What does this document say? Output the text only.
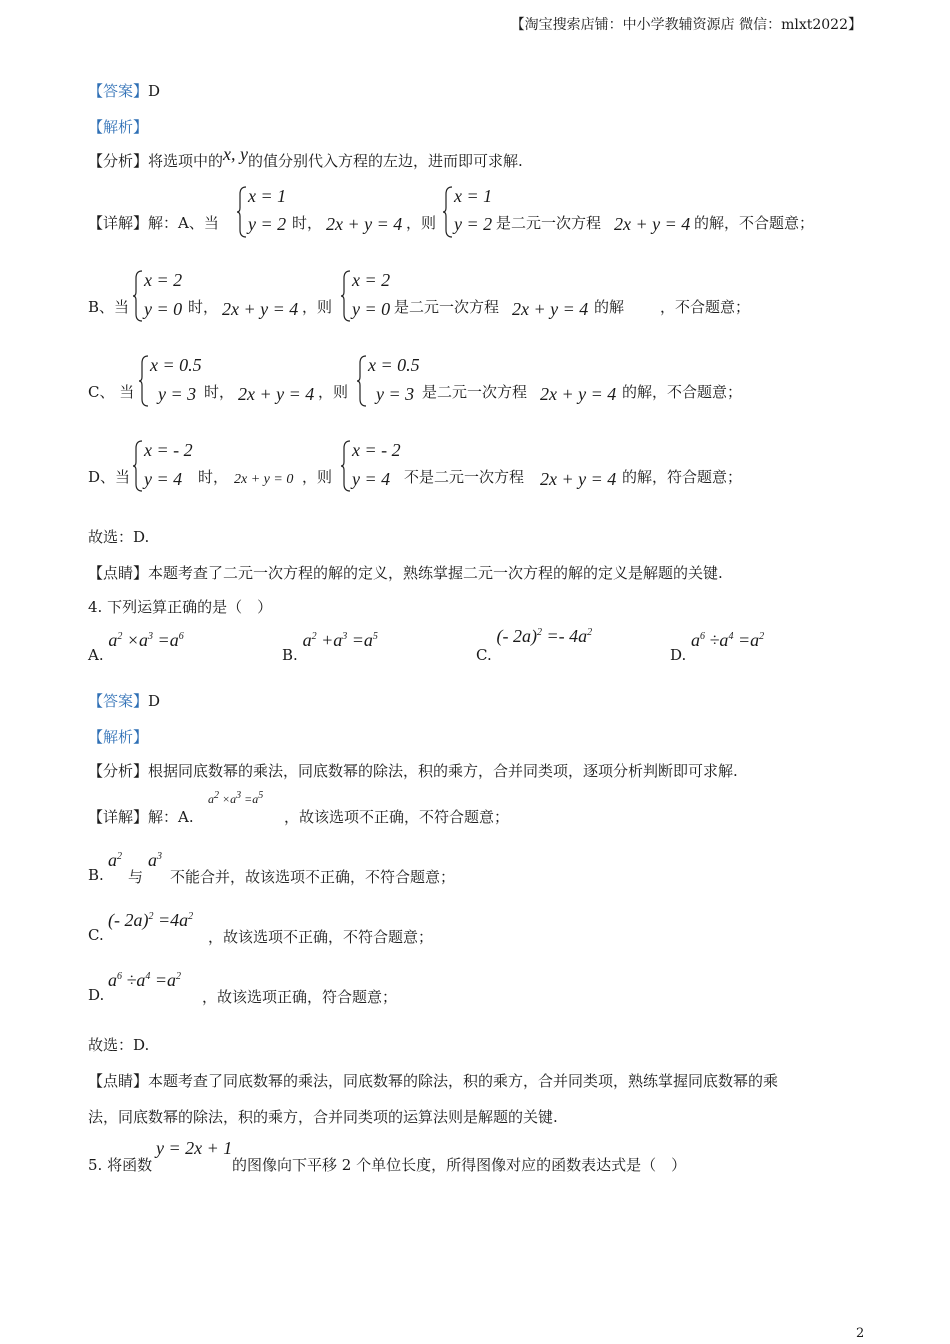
【淘宝搜索店铺：中小学教辅资源店 微信：mlxt2022】
【答案】D
【解析】
【分析】将选项中的x, y的值分别代入方程的左边，进而即可求解.
【详解】解：A、当
x = 1
y = 2 时， 2x + y = 4 ，则
x = 1
y = 2 是二元一次方程 2x + y = 4 的解，不合题意；
B、当
x = 2
y = 0 时， 2x + y = 4 ，则
x = 2
y = 0 是二元一次方程 2x + y = 4 的解 ，不合题意；
C、 当
x = 0.5
y = 3 时， 2x + y = 4 ，则
x = 0.5
y = 3 是二元一次方程 2x + y = 4 的解，不合题意；
D、当
x = - 2
y = 4 时， 2x + y = 0 ，则
x = - 2
y = 4 不是二元一次方程 2x + y = 4 的解，符合题意；
故选：D.
【点睛】本题考查了二元一次方程的解的定义，熟练掌握二元一次方程的解的定义是解题的关键.
4. 下列运算正确的是（　）
A. $a^2 \times a^3 =a^6$
B. $a^2 +a^3 =a^5$
C. (- $2a)^2 =- 4a^2$
D. $a^6 \div a^4 =a^2$
【答案】D
【解析】
【分析】根据同底数幂的乘法，同底数幂的除法，积的乘方，合并同类项，逐项分析判断即可求解.
【详解】解：A.
$a^2 \times a^3 =a^5$
，故该选项不正确，不符合题意；
B.
$a^2$
与
$a^3$
不能合并，故该选项不正确，不符合题意；
C.
(- $2a)^2 =4a^2$
，故该选项不正确，不符合题意；
D.
$a^6 \div a^4 =a^2$
，故该选项正确，符合题意；
故选：D.
【点睛】本题考查了同底数幂的乘法，同底数幂的除法，积的乘方，合并同类项，熟练掌握同底数幂的乘
法，同底数幂的除法，积的乘方，合并同类项的运算法则是解题的关键.
5. 将函数
y = 2x + 1
的图像向下平移 2 个单位长度，所得图像对应的函数表达式是（　）
2
